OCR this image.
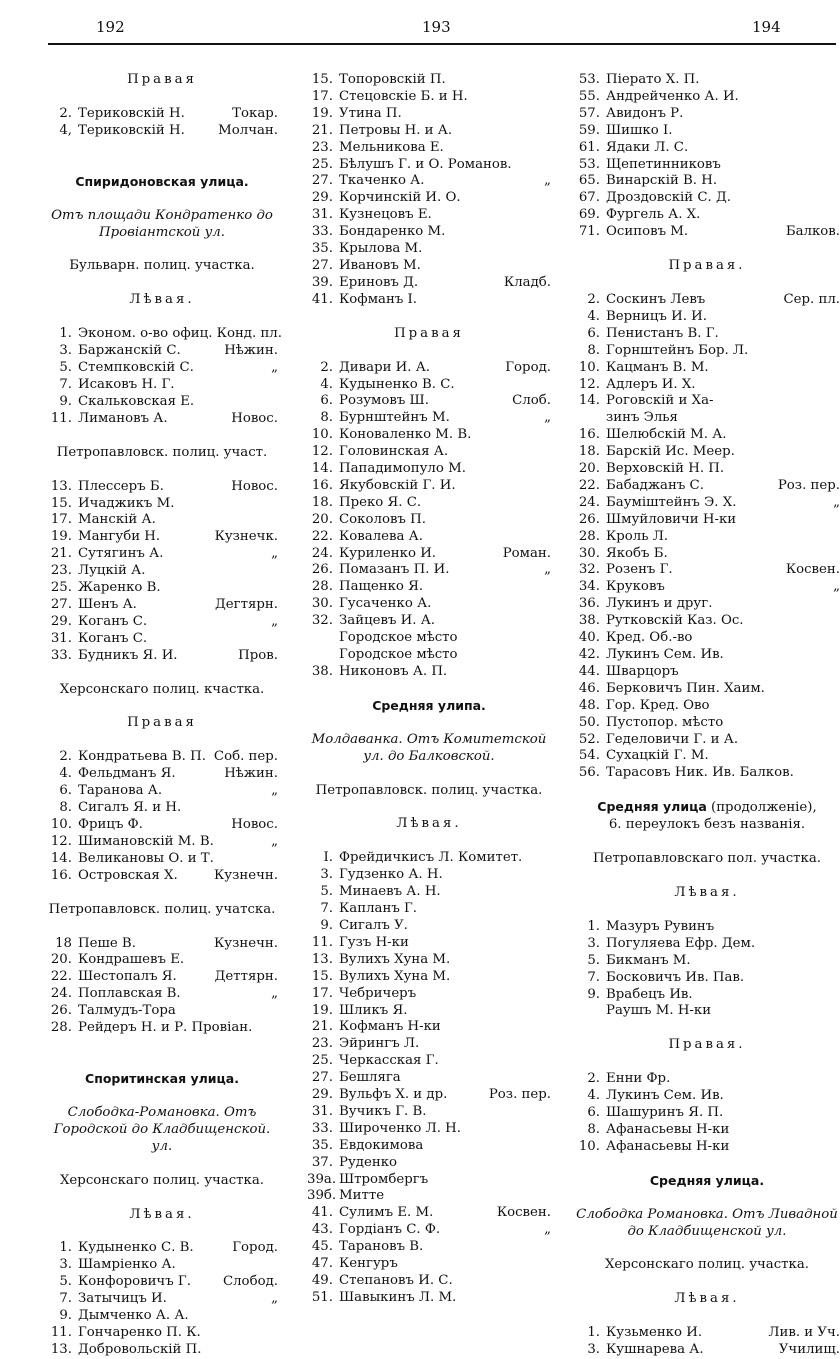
192	193	194
Правая
2. Териковскій Н.	Токар.
4, Териковскій Н.	Молчан.
Спиридоновская улица.
Отъ площади Кондратенко до Провіантской ул.
Бульварн. полиц. участка.
Лѣвая.
1. Эконом. о-во офиц. Конд. пл.
3. Баржанскій С.	Нѣжин.
5. Стемпковскій С.	„
7. Исаковъ Н. Г.
9. Скальковская Е.
11. Лимановъ А.	Новос.
Петропавловск. полиц. участ.
13. Плессеръ Б.	Новос.
15. Ичаджикъ М.
17. Манскій А.
19. Мангуби Н.	Кузнечк.
21. Сутягинъ А.	„
23. Луцкій А.
25. Жаренко В.
27. Шенъ А.	Дегтярн.
29. Коганъ С.	„
31. Коганъ С.
33. Будникъ Я. И.	Пров.
Херсонскаго полиц. кчастка.
Правая
2. Кондратьева В. П. Соб. пер.
4. Фельдманъ Я.	Нѣжин.
6. Таранова А.	„
8. Сигалъ Я. и Н.
10. Фрицъ Ф.	Новос.
12. Шимановскій М. В.	„
14. Великановы О. и Т.
16. Островская Х.	Кузнечн.
Петропавловск. полиц. учатска.
18 Пеше В.	Кузнечн.
20. Кондрашевъ Е.
22. Шестопалъ Я.	Деттярн.
24. Поплавская В.	„
26. Талмудъ-Тора
28. Рейдеръ Н. и Р. Провіан.
Споритинская улица.
Слободка-Романовка. Отъ Городской до Кладбищенской. ул.
Херсонскаго полиц. участка.
Лѣвая.
1. Кудыненко С. В.	Город.
3. Шамріенко А.
5. Конфоровичъ Г.	Слобод.
7. Затычицъ И.	„
9. Дымченко А. А.
11. Гончаренко П. К.
13. Добровольскій П.
15. Топоровскій П.
17. Стецовскіе Б. и Н.
19. Утина П.
21. Петровы Н. и А.
23. Мельникова Е.
25. Бѣлушъ Г. и О. Романов.
27. Ткаченко А.	„
29. Корчинскій И. О.
31. Кузнецовъ Е.
33. Бондаренко М.
35. Крылова М.
27. Ивановъ М.
39. Ериновъ Д.	Кладб.
41. Кофманъ І.
Правая
2. Дивари И. А.	Город.
4. Кудыненко В. С.
6. Розумовъ Ш.	Слоб.
8. Бурнштейнъ М.	„
10. Коноваленко М. В.
12. Головинская А.
14. Пападимопуло М.
16. Якубовскій Г. И.
18. Преко Я. С.
20. Соколовъ П.
22. Ковалева А.
24. Куриленко И.	Роман.
26. Помазанъ П. И.	„
28. Пащенко Я.
30. Гусаченко А.
32. Зайцевъ И. А.
Городское мѣсто
Городское мѣсто
38. Никоновъ А. П.
Средняя улипа.
Молдаванка. Отъ Комитетской ул. до Балковской.
Петропавловск. полиц. участка.
Лѣвая.
І. Фрейдичкисъ Л. Комитет.
3. Гудзенко А. Н.
5. Минаевъ А. Н.
7. Капланъ Г.
9. Сигалъ У.
11. Гузъ Н-ки
13. Вулихъ Хуна М.
15. Вулихъ Хуна М.
17. Чебричеръ
19. Шликъ Я.
21. Кофманъ Н-ки
23. Эйрингъ Л.
25. Черкасская Г.
27. Бешляга
29. Вульфъ Х. и др.	Роз. пер.
31. Вучикъ Г. В.
33. Широченко Л. Н.
35. Евдокимова
37. Руденко
39а. Штромбергъ
39б. Митте
41. Сулимъ Е. М.	Косвен.
43. Гордіанъ С. Ф.	„
45. Тарановъ В.
47. Кенгуръ
49. Степановъ И. С.
51. Шавыкинъ Л. М.
53. Піерато Х. П.
55. Андрейченко А. И.
57. Авидонъ Р.
59. Шишко І.
61. Ядаки Л. С.
53. Щепетинниковъ
65. Винарскій В. Н.
67. Дроздовскій С. Д.
69. Фургель А. Х.
71. Осиповъ М.	Балков.
Правая.
2. Соскинъ Левъ	Сер. пл.
4. Верницъ И. И.
6. Пенистанъ В. Г.
8. Горнштейнъ Бор. Л.
10. Кацманъ В. М.
12. Адлеръ И. Х.
14. Роговскій и Ха-
зинъ Элья
16. Шелюбскій М. А.
18. Барскій Ис. Меер.
20. Верховскій Н. П.
22. Бабаджанъ С.	Роз. пер.
24. Бауміштейнъ Э. Х.	„
26. Шмуйловичи Н-ки
28. Кроль Л.
30. Якобъ Б.
32. Розенъ Г.	Косвен.
34. Круковъ	„
36. Лукинъ и друг.
38. Рутковскій Каз. Ос.
40. Кред. Об.-во
42. Лукинъ Сем. Ив.
44. Шварцоръ
46. Берковичъ Пин. Хаим.
48. Гор. Кред. Ово
50. Пустопор. мѣсто
52. Геделовичи Г. и А.
54. Сухацкій Г. М.
56. Тарасовъ Ник. Ив. Балков.
Средняя улица (продолженіе),
6. переулокъ безъ названія.
Петропавловскаго пол. участка.
Лѣвая.
1. Мазуръ Рувинъ
3. Погуляева Ефр. Дем.
5. Бикманъ М.
7. Босковичъ Ив. Пав.
9. Врабецъ Ив.
Раушъ М. Н-ки
Правая.
2. Енни Фр.
4. Лукинъ Сем. Ив.
6. Шашуринъ Я. П.
8. Афанасьевы Н-ки
10. Афанасьевы Н-ки
Средняя улица.
Слободка Романовка. Отъ Ливадной до Кладбищенской ул.
Херсонскаго полиц. участка.
Лѣвая.
1. Кузьменко И.	Лив. и Уч.
3. Кушнарева А.	Училищ.
